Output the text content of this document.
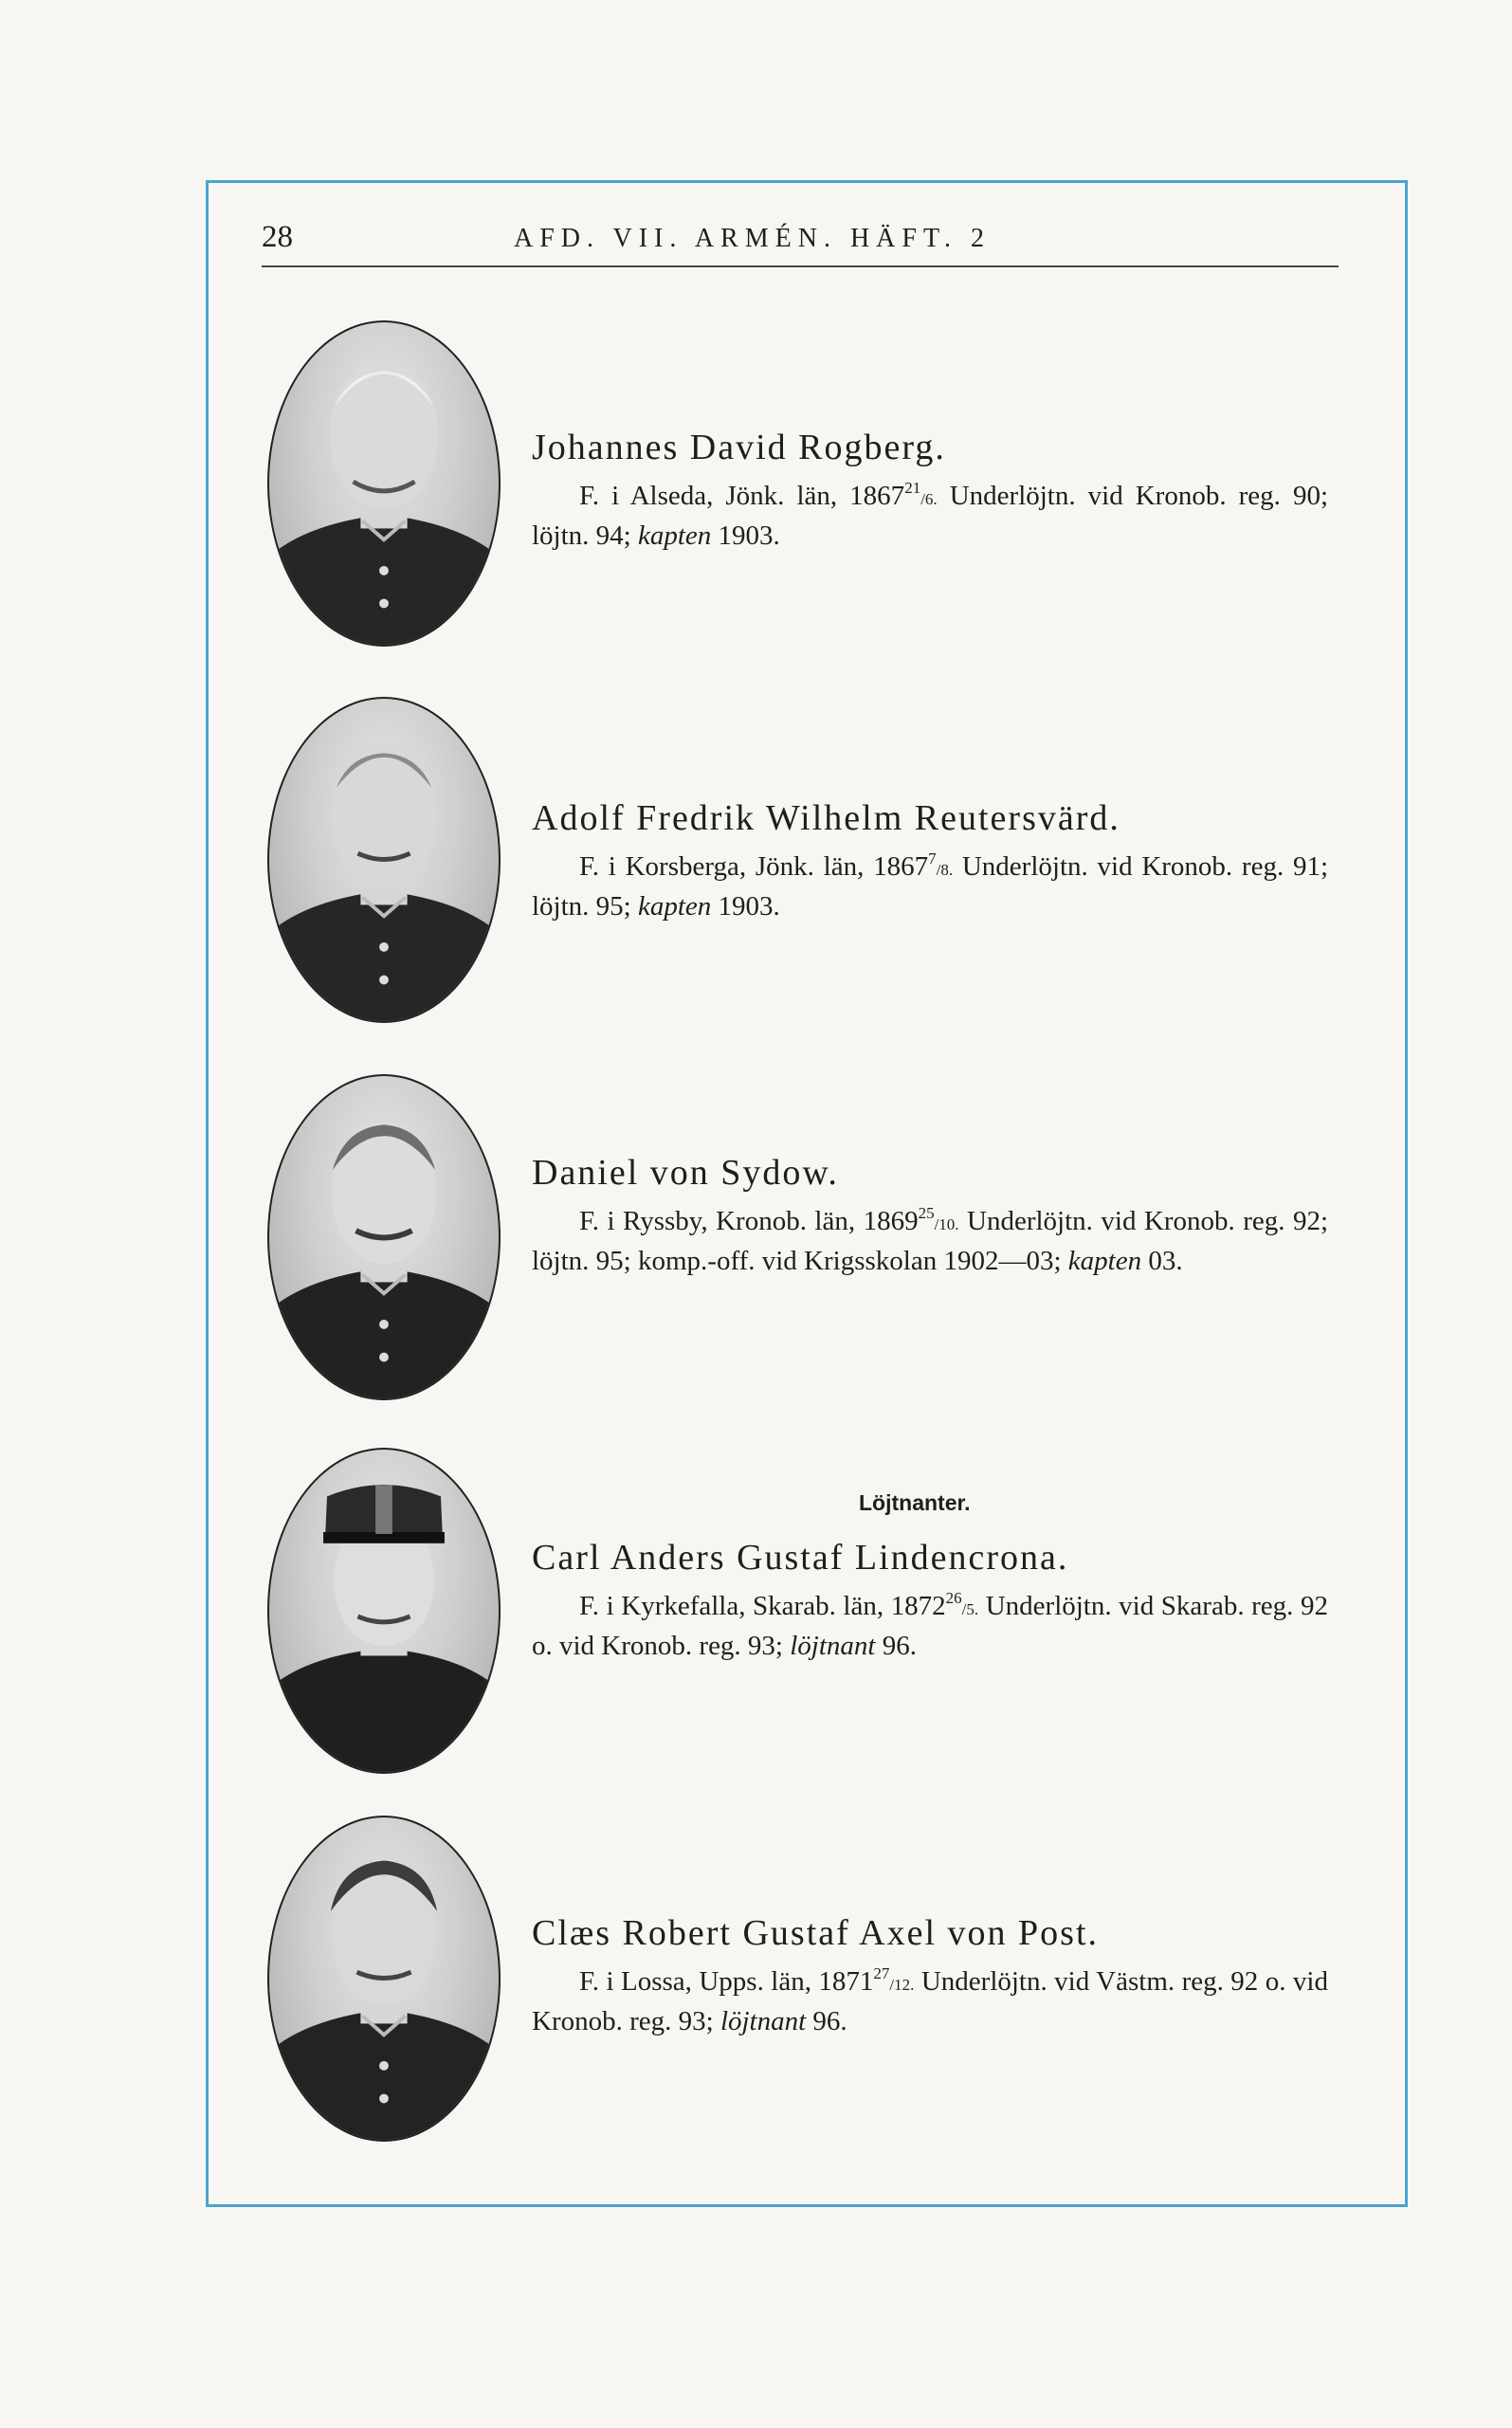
28	AFD. VII. ARMÉN. HÄFT. 2

Johannes David Rogberg.

F. i Alseda, Jönk. län, 1867$^{21}$/6. Underlöjtn. vid Kronob. reg. 90; löjtn. 94; kapten 1903.

Adolf Fredrik Wilhelm Reutersvärd.

F. i Korsberga, Jönk. län, 1867$^7$/8. Underlöjtn. vid Kronob. reg. 91; löjtn. 95; kapten 1903.

Daniel von Sydow.

F. i Ryssby, Kronob. län, 1869$^{25}$/10. Underlöjtn. vid Kronob. reg. 92; löjtn. 95; komp.-off. vid Krigsskolan 1902—03; kapten 03.

Löjtnanter.

Carl Anders Gustaf Lindencrona.

F. i Kyrkefalla, Skarab. län, 1872$^{26}$/5. Underlöjtn. vid Skarab. reg. 92 o. vid Kronob. reg. 93; löjtnant 96.

Clæs Robert Gustaf Axel von Post.

F. i Lossa, Upps. län, 1871$^{27}$/12. Underlöjtn. vid Västm. reg. 92 o. vid Kronob. reg. 93; löjtnant 96.
